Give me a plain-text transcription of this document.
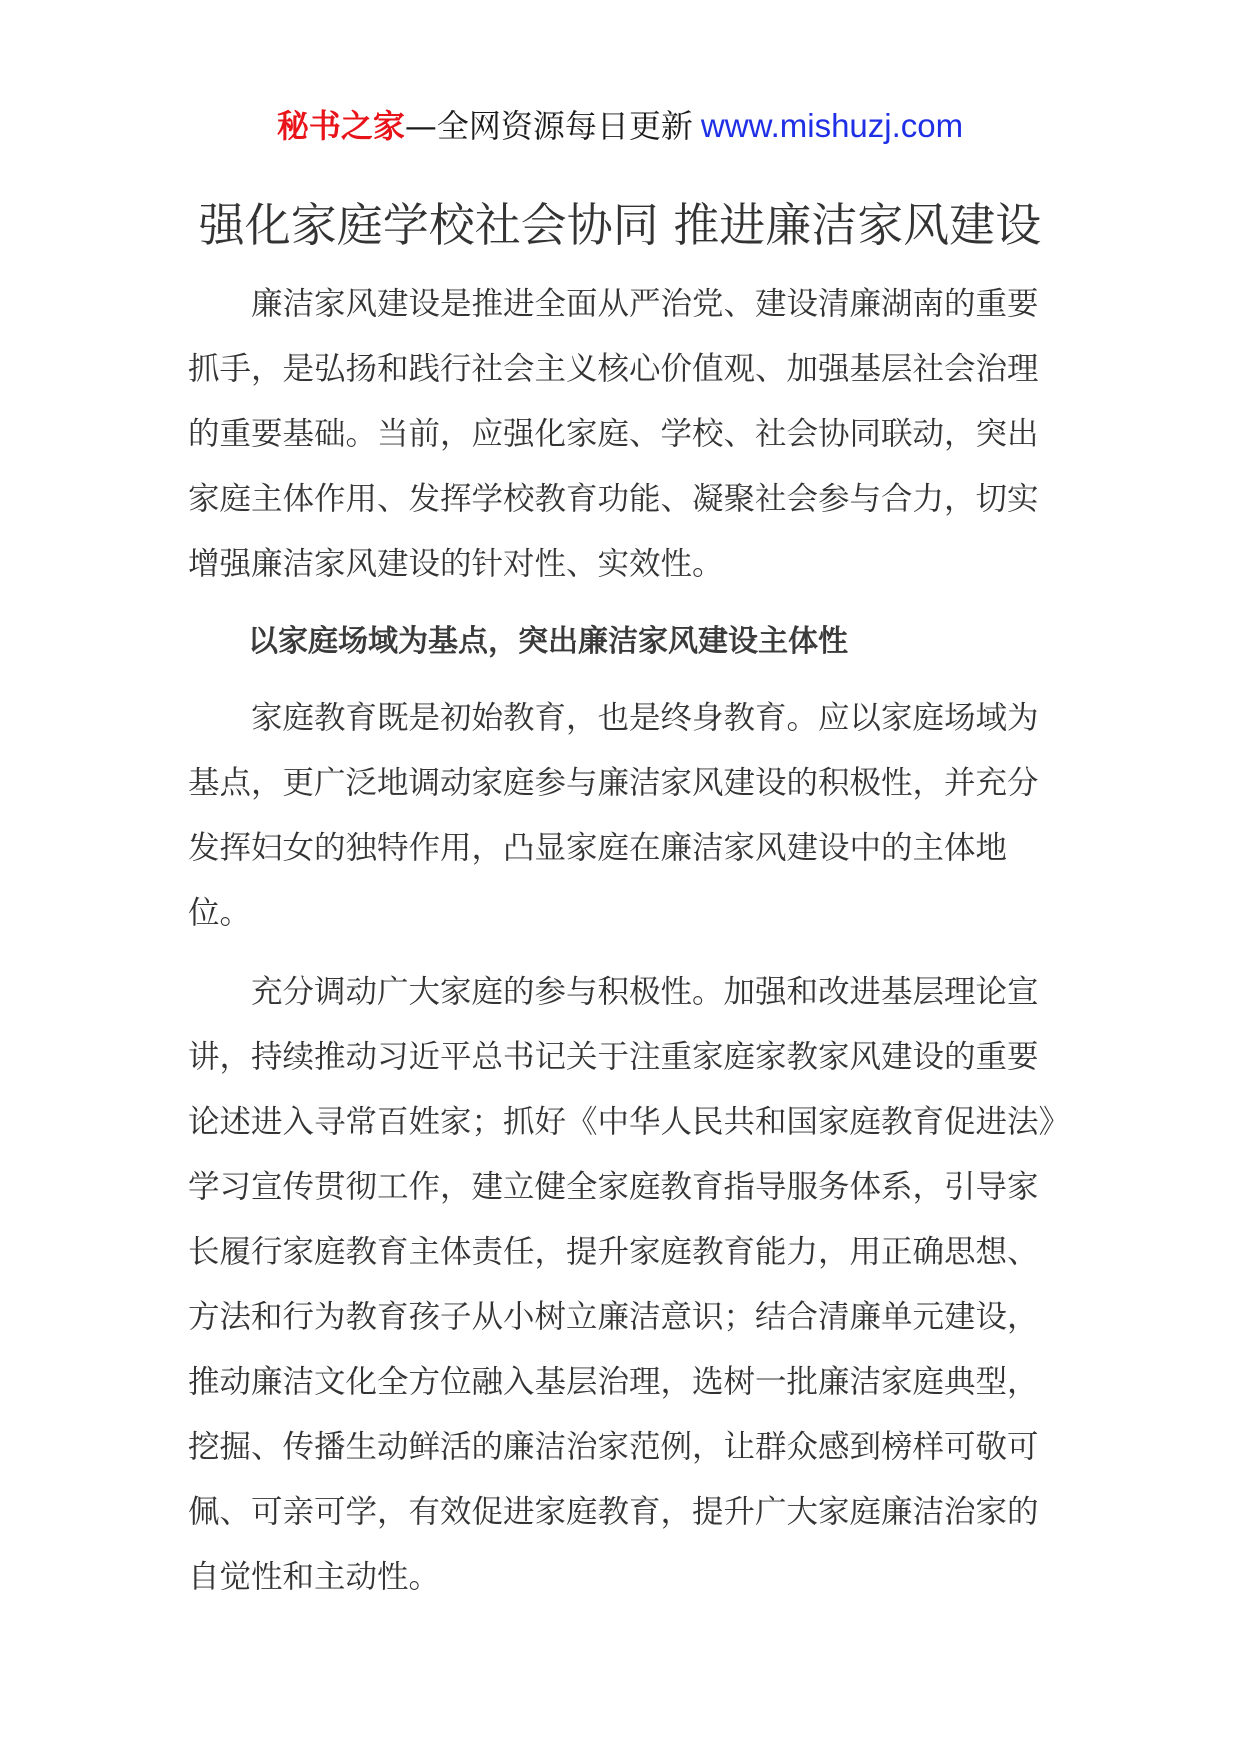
秘书之家—全网资源每日更新 www.mishuzj.com
强化家庭学校社会协同 推进廉洁家风建设

廉洁家风建设是推进全面从严治党、建设清廉湖南的重要抓手，是弘扬和践行社会主义核心价值观、加强基层社会治理的重要基础。当前，应强化家庭、学校、社会协同联动，突出家庭主体作用、发挥学校教育功能、凝聚社会参与合力，切实增强廉洁家风建设的针对性、实效性。

以家庭场域为基点，突出廉洁家风建设主体性

家庭教育既是初始教育，也是终身教育。应以家庭场域为基点，更广泛地调动家庭参与廉洁家风建设的积极性，并充分发挥妇女的独特作用，凸显家庭在廉洁家风建设中的主体地位。

充分调动广大家庭的参与积极性。加强和改进基层理论宣讲，持续推动习近平总书记关于注重家庭家教家风建设的重要论述进入寻常百姓家；抓好《中华人民共和国家庭教育促进法》学习宣传贯彻工作，建立健全家庭教育指导服务体系，引导家长履行家庭教育主体责任，提升家庭教育能力，用正确思想、方法和行为教育孩子从小树立廉洁意识；结合清廉单元建设，推动廉洁文化全方位融入基层治理，选树一批廉洁家庭典型，挖掘、传播生动鲜活的廉洁治家范例，让群众感到榜样可敬可佩、可亲可学，有效促进家庭教育，提升广大家庭廉洁治家的自觉性和主动性。
